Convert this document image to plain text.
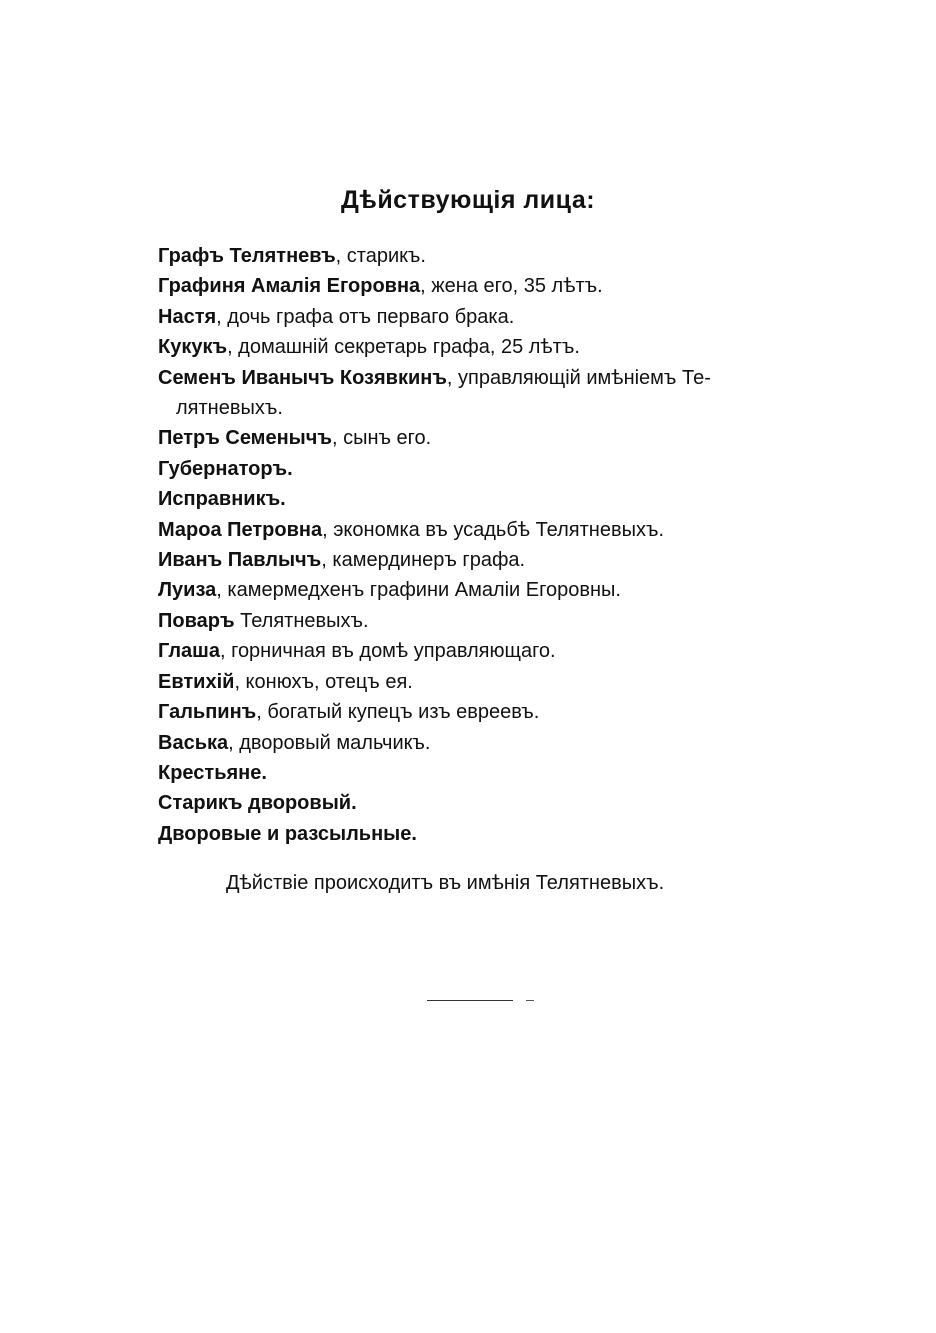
Дѣйствующія лица:
Графъ Телятневъ, старикъ.
Графиня Амалія Егоровна, жена его, 35 лѣтъ.
Настя, дочь графа отъ перваго брака.
Кукукъ, домашній секретарь графа, 25 лѣтъ.
Семенъ Иванычъ Козявкинъ, управляющій имѣніемъ Те-
лятневыхъ.
Петръ Семенычъ, сынъ его.
Губернаторъ.
Исправникъ.
Мароа Петровна, экономка въ усадьбѣ Телятневыхъ.
Иванъ Павлычъ, камердинеръ графа.
Луиза, камермедхенъ графини Амаліи Егоровны.
Поваръ Телятневыхъ.
Глаша, горничная въ домѣ управляющаго.
Евтихій, конюхъ, отецъ ея.
Гальпинъ, богатый купецъ изъ евреевъ.
Васька, дворовый мальчикъ.
Крестьяне.
Старикъ дворовый.
Дворовые и разсыльные.
Дѣйствіе происходитъ въ имѣнія Телятневыхъ.
